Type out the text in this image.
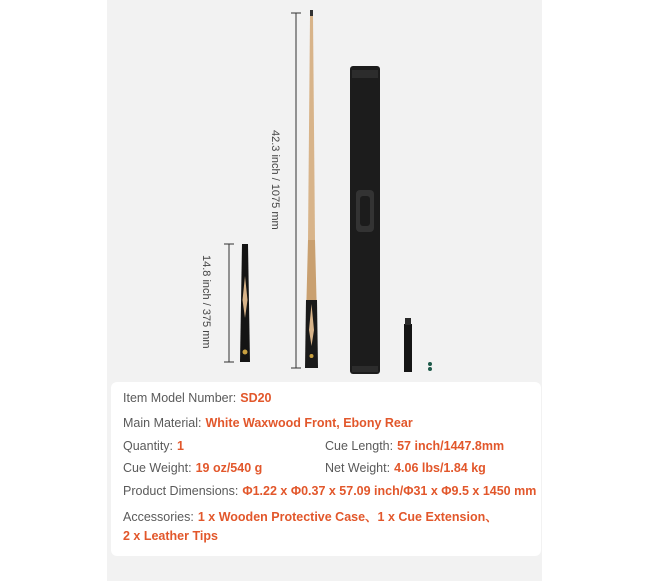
42.3 inch / 1075 mm
14.8 inch / 375 mm
Item Model Number: SD20
Main Material: White Waxwood Front, Ebony Rear
Quantity: 1	Cue Length: 57 inch/1447.8mm
Cue Weight: 19 oz/540 g	Net Weight: 4.06 lbs/1.84 kg
Product Dimensions: Φ1.22 x Φ0.37 x 57.09 inch/Φ31 x Φ9.5 x 1450 mm
Accessories: 1 x Wooden Protective Case、1 x Cue Extension、
2 x Leather Tips
